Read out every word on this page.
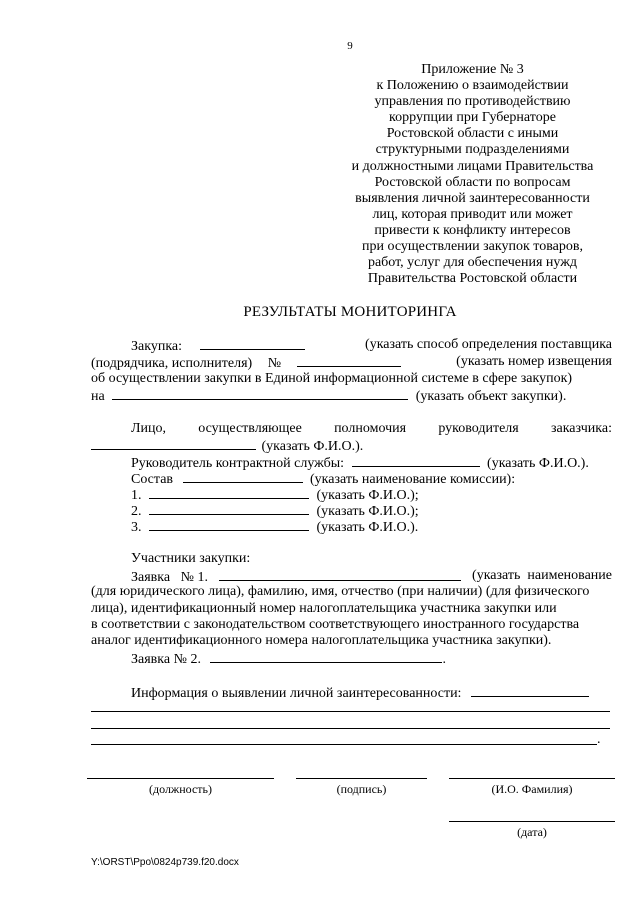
9
Приложение № 3
к Положению о взаимодействии
управления по противодействию
коррупции при Губернаторе
Ростовской области с иными
структурными подразделениями
и должностными лицами Правительства
Ростовской области по вопросам
выявления личной заинтересованности
лиц, которая приводит или может
привести к конфликту интересов
при осуществлении закупок товаров,
работ, услуг для обеспечения нужд
Правительства Ростовской области
РЕЗУЛЬТАТЫ МОНИТОРИНГА
Закупка:	(указать способ определения поставщика
(подрядчика, исполнителя) №	(указать номер извещения
об осуществлении закупки в Единой информационной системе в сфере закупок)
на	(указать объект закупки).
Лицо, осуществляющее полномочия руководителя заказчика:
(указать Ф.И.О.).
Руководитель контрактной службы:	(указать Ф.И.О.).
Состав	(указать наименование комиссии):
1.	(указать Ф.И.О.);
2.	(указать Ф.И.О.);
3.	(указать Ф.И.О.).
Участники закупки:
Заявка   № 1.	(указать  наименование
(для юридического лица), фамилию, имя, отчество (при наличии) (для физического
лица), идентификационный номер налогоплательщика участника закупки или
в соответствии с законодательством соответствующего иностранного государства
аналог идентификационного номера налогоплательщика участника закупки).
Заявка № 2.	.
Информация о выявлении личной заинтересованности:
.
(должность)	(подпись)	(И.О. Фамилия)
(дата)
Y:\ORST\Ppo\0824p739.f20.docx
